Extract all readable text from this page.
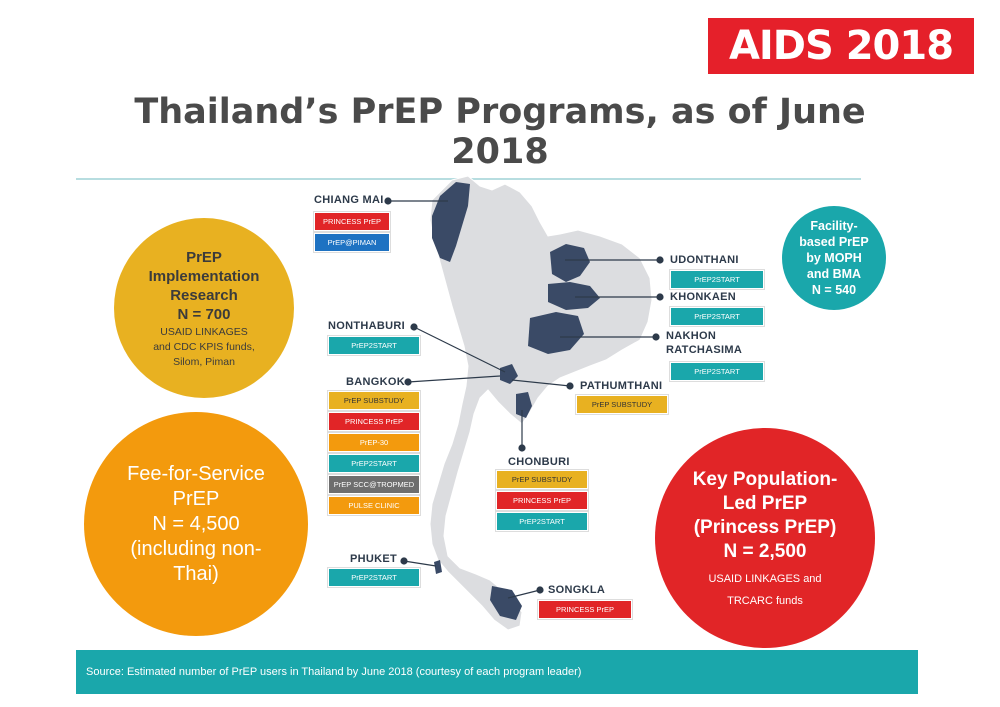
AIDS 2018
Thailand’s PrEP Programs, as of June 2018
PrEP
Implementation
Research
N = 700
USAID LINKAGES
and CDC KPIS funds,
Silom, Piman
Fee-for-Service
PrEP
N = 4,500
(including non-
Thai)
Key Population-
Led PrEP
(Princess PrEP)
N = 2,500
USAID LINKAGES and
TRCARC funds
Facility-
based PrEP
by MOPH
and BMA
N = 540
CHIANG MAI
PRINCESS PrEP
PrEP@PIMAN
UDONTHANI
PrEP2START
KHONKAEN
PrEP2START
NAKHON
RATCHASIMA
PrEP2START
NONTHABURI
PrEP2START
BANGKOK
PrEP SUBSTUDY
PRINCESS PrEP
PrEP-30
PrEP2START
PrEP SCC@TROPMED
PULSE CLINIC
PATHUMTHANI
PrEP SUBSTUDY
CHONBURI
PrEP SUBSTUDY
PRINCESS PrEP
PrEP2START
PHUKET
PrEP2START
SONGKLA
PRINCESS PrEP
Source: Estimated number of PrEP users in Thailand by June 2018 (courtesy of each program leader)
